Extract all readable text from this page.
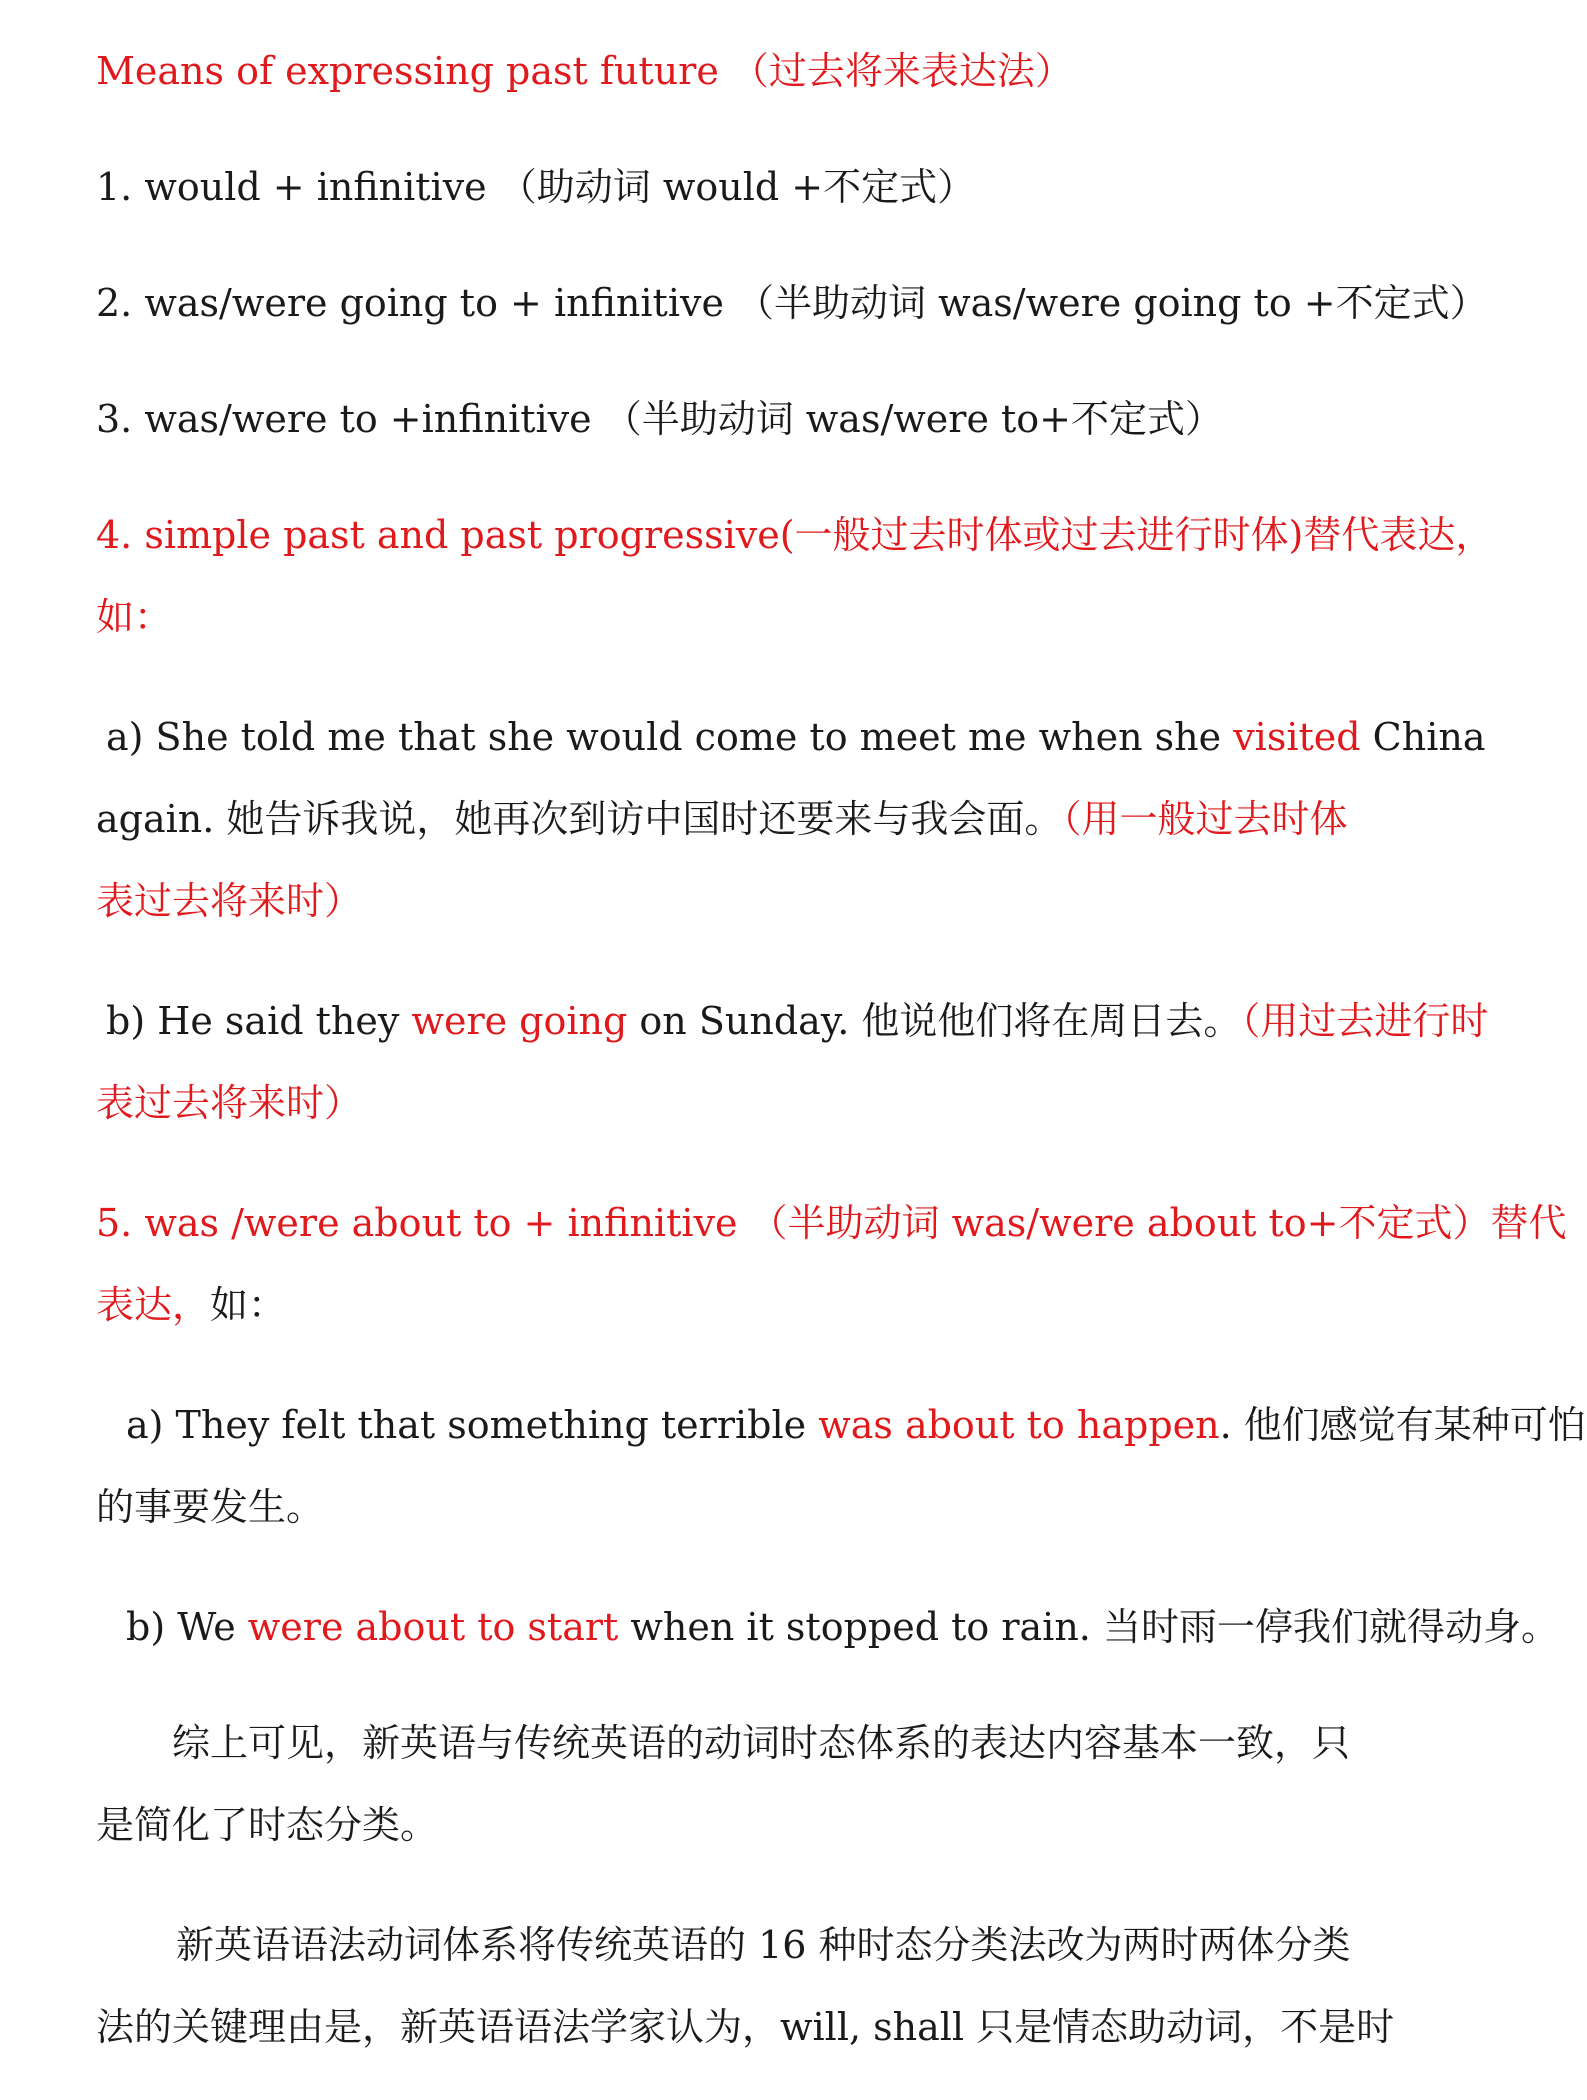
Means of expressing past future （过去将来表达法）
1. would + infinitive （助动词 would +不定式）
2. was/were going to + infinitive （半助动词 was/were going to +不定式）
3. was/were to +infinitive （半助动词 was/were to+不定式）
4. simple past and past progressive(一般过去时体或过去进行时体)替代表达，
如：
a) She told me that she would come to meet me when she visited China
again. 她告诉我说，她再次到访中国时还要来与我会面。（用一般过去时体
表过去将来时）
b) He said they were going on Sunday. 他说他们将在周日去。（用过去进行时
表过去将来时）
5. was /were about to + infinitive （半助动词 was/were about to+不定式）替代
表达，如：
a) They felt that something terrible was about to happen. 他们感觉有某种可怕
的事要发生。
b) We were about to start when it stopped to rain. 当时雨一停我们就得动身。
综上可见，新英语与传统英语的动词时态体系的表达内容基本一致，只
是简化了时态分类。
新英语语法动词体系将传统英语的 16 种时态分类法改为两时两体分类
法的关键理由是，新英语语法学家认为，will, shall 只是情态助动词，不是时
